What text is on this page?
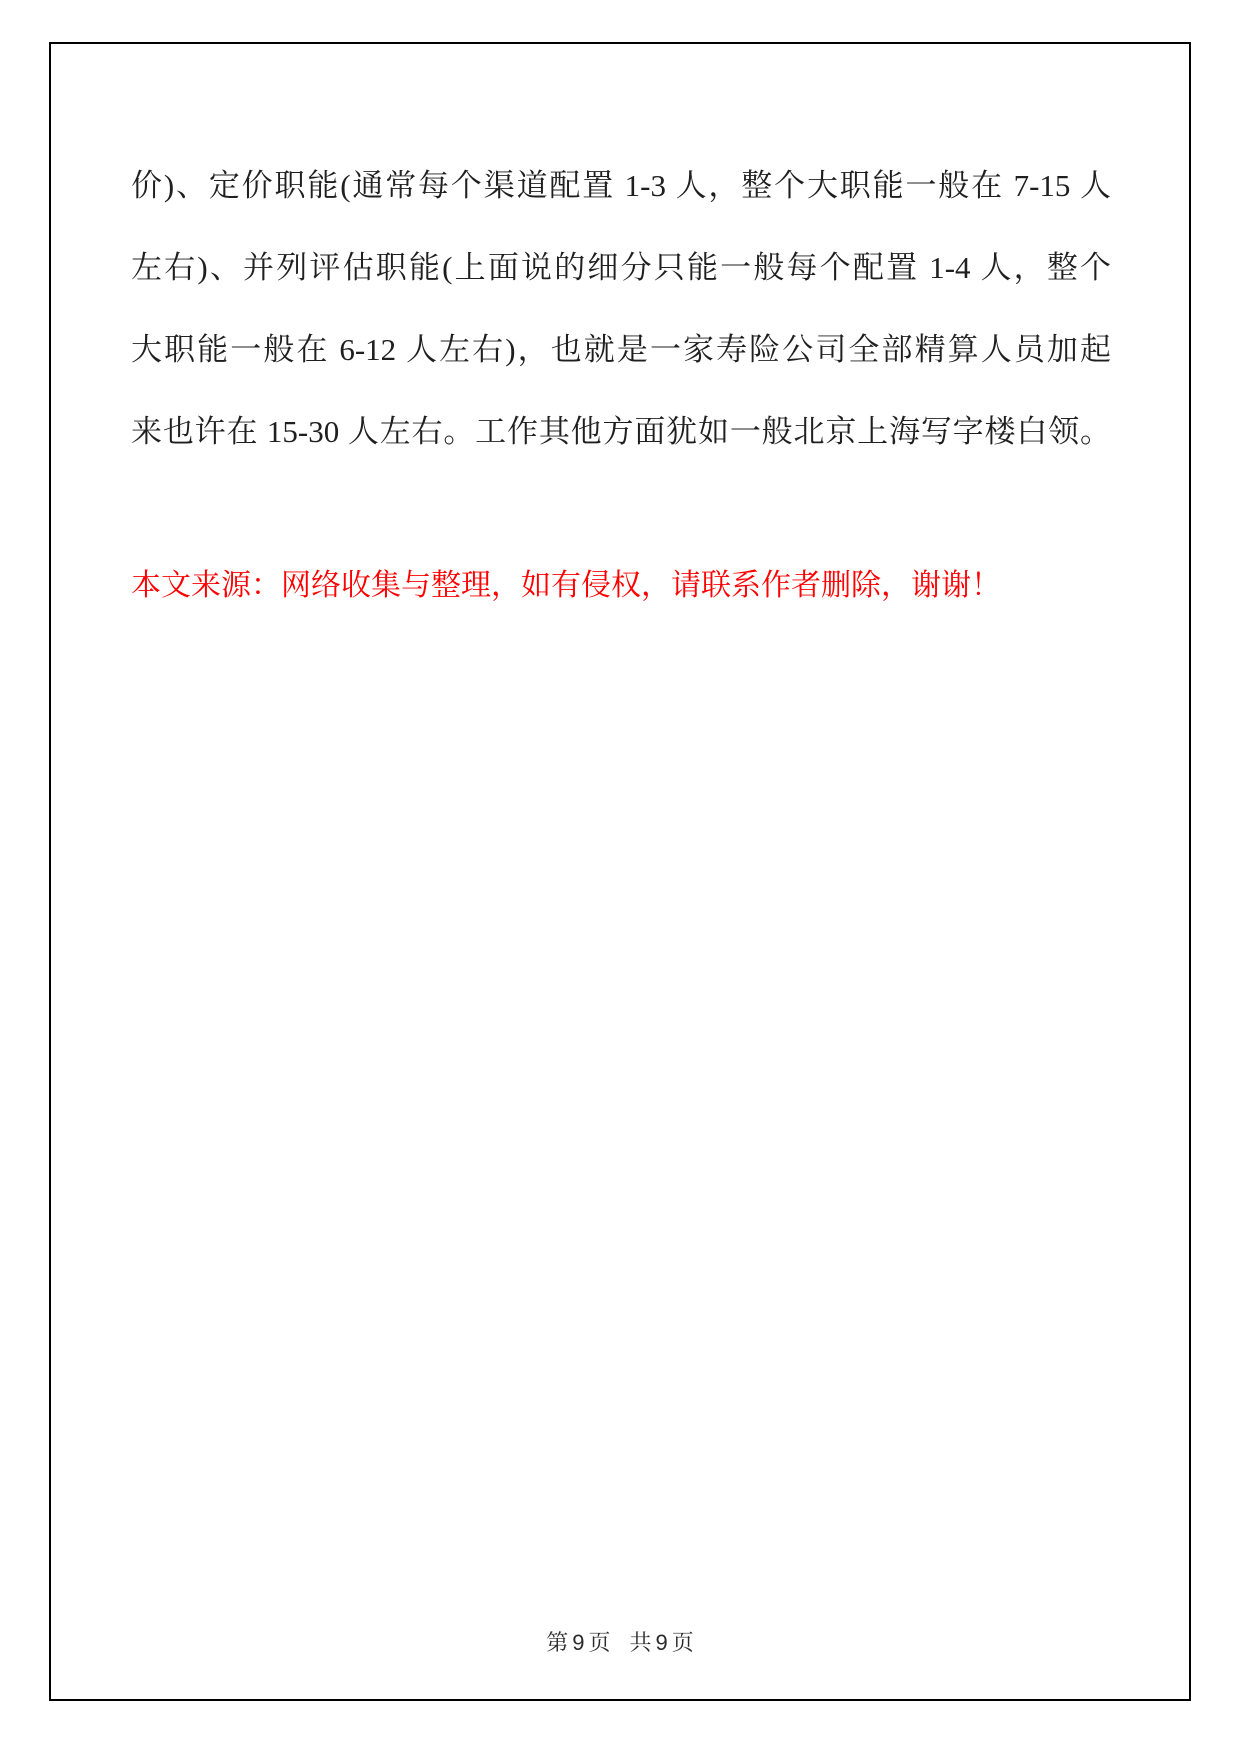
价)、定价职能(通常每个渠道配置 1-3 人，整个大职能一般在 7-15 人
左右)、并列评估职能(上面说的细分只能一般每个配置 1-4 人，整个
大职能一般在 6-12 人左右)，也就是一家寿险公司全部精算人员加起
来也许在 15-30 人左右。工作其他方面犹如一般北京上海写字楼白领。
本文来源：网络收集与整理，如有侵权，请联系作者删除，谢谢！
第 9 页 共 9 页
